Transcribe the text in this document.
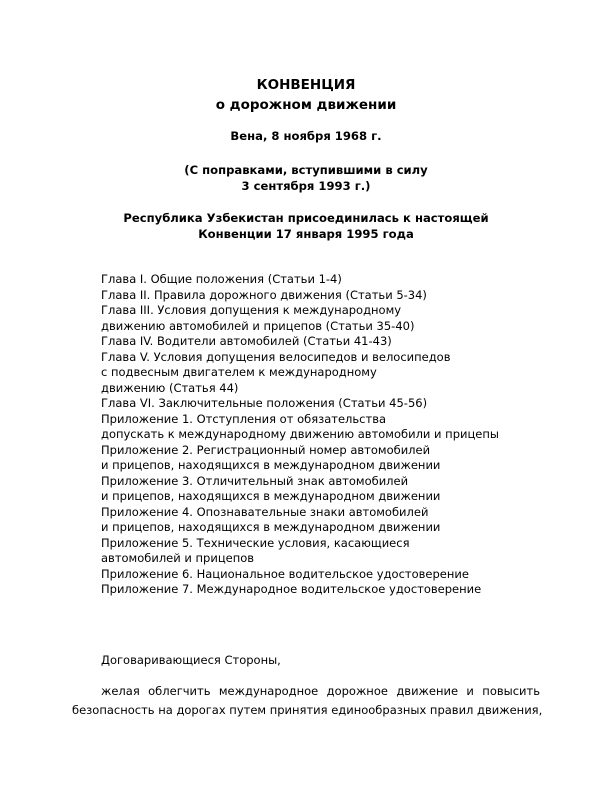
КОНВЕНЦИЯ
о дорожном движении
Вена, 8 ноября 1968 г.
(С поправками, вступившими в силу
3 сентября 1993 г.)
Республика Узбекистан присоединилась к настоящей
Конвенции 17 января 1995 года
Глава I. Общие положения (Статьи 1-4)
Глава II. Правила дорожного движения (Статьи 5-34)
Глава III. Условия допущения к международному
движению автомобилей и прицепов (Статьи 35-40)
Глава IV. Водители автомобилей (Статьи 41-43)
Глава V. Условия допущения велосипедов и велосипедов
с подвесным двигателем к международному
движению (Статья 44)
Глава VI. Заключительные положения (Статьи 45-56)
Приложение 1. Отступления от обязательства
допускать к международному движению автомобили и прицепы
Приложение 2. Регистрационный номер автомобилей
и прицепов, находящихся в международном движении
Приложение 3. Отличительный знак автомобилей
и прицепов, находящихся в международном движении
Приложение 4. Опознавательные знаки автомобилей
и прицепов, находящихся в международном движении
Приложение 5. Технические условия, касающиеся
автомобилей и прицепов
Приложение 6. Национальное водительское удостоверение
Приложение 7. Международное водительское удостоверение
Договаривающиеся Стороны,
желая облегчить международное дорожное движение и повысить
безопасность на дорогах путем принятия единообразных правил движения,
